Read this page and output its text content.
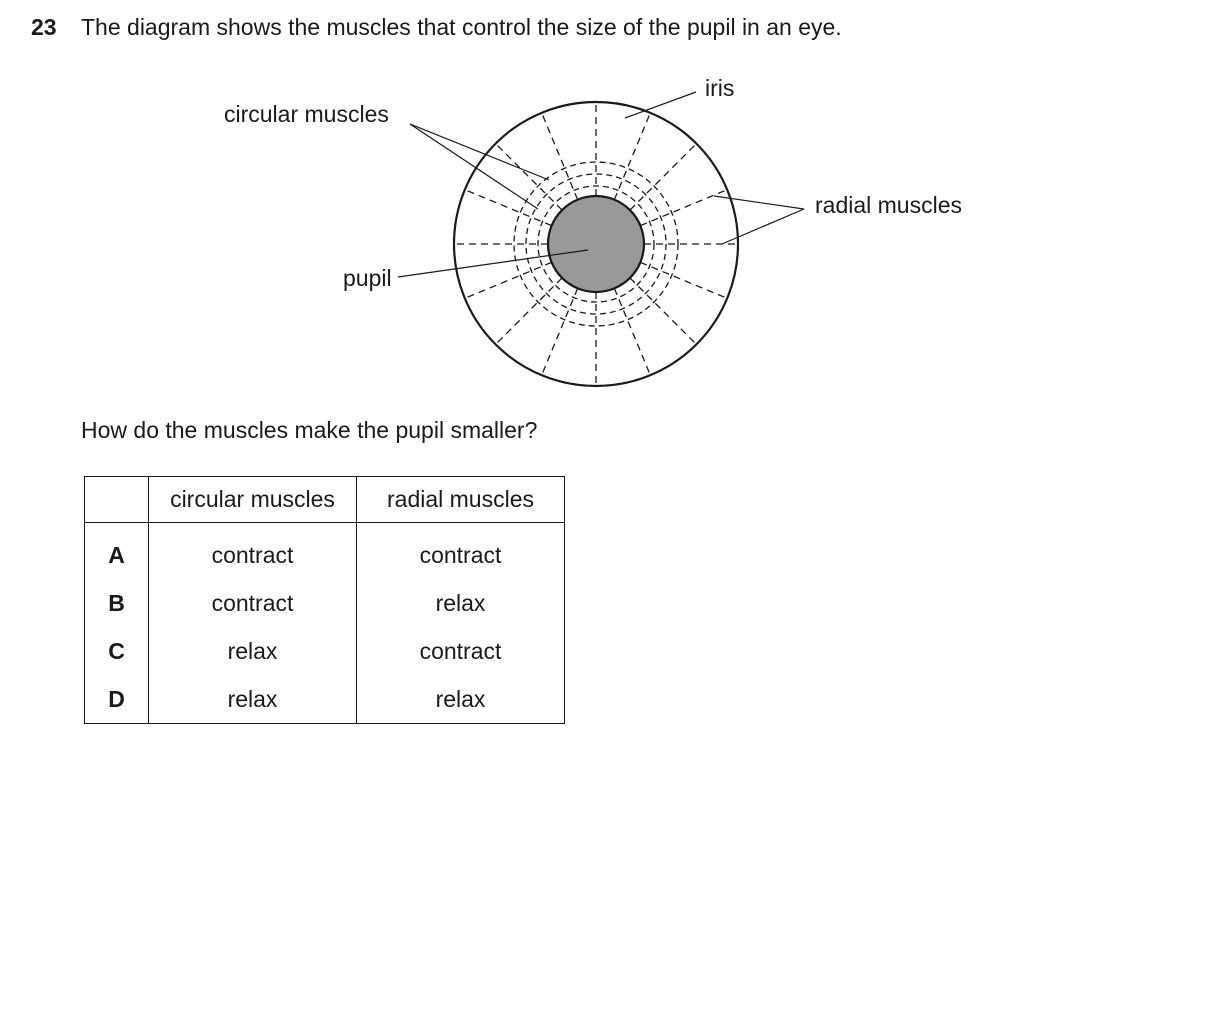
23 The diagram shows the muscles that control the size of the pupil in an eye.
iris
circular muscles
radial muscles
pupil
How do the muscles make the pupil smaller?
	circular muscles	radial muscles
A	contract	contract
B	contract	relax
C	relax	contract
D	relax	relax
